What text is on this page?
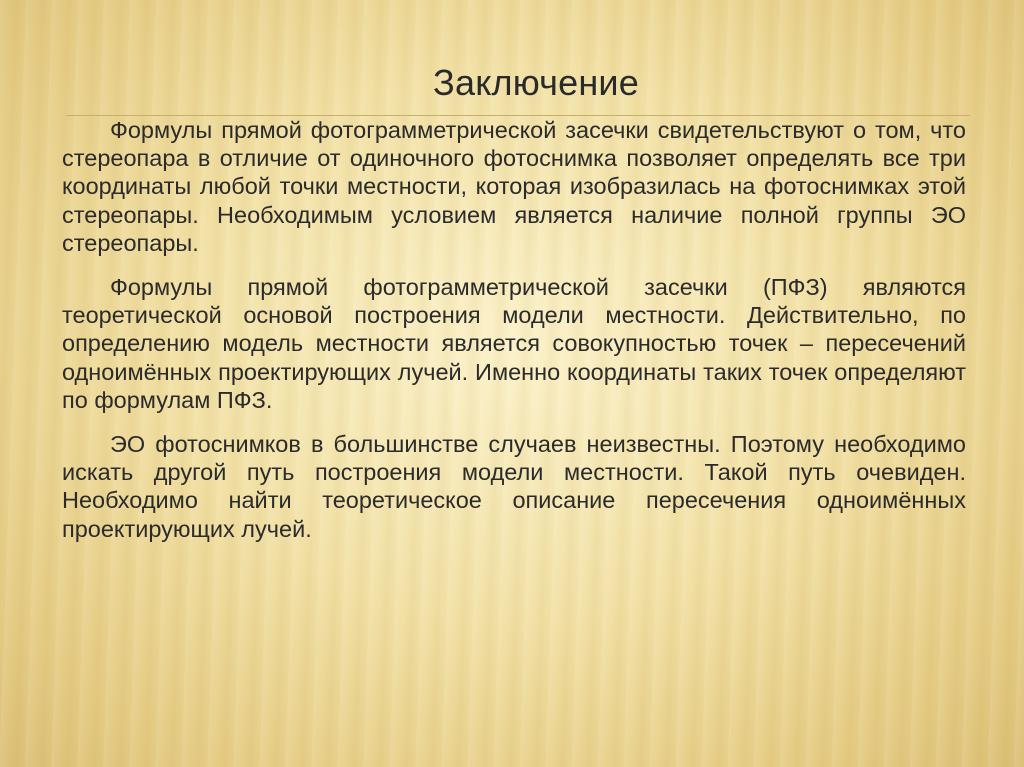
Заключение

Формулы прямой фотограмметрической засечки свидетельствуют о том, что стереопара в отличие от одиночного фотоснимка позволяет определять все три координаты любой точки местности, которая изобразилась на фотоснимках этой стереопары. Необходимым условием является наличие полной группы ЭО стереопары.

Формулы прямой фотограмметрической засечки (ПФЗ) являются теоретической основой построения модели местности. Действительно, по определению модель местности является совокупностью точек – пересечений одноимённых проектирующих лучей. Именно координаты таких точек определяют по формулам ПФЗ.

ЭО фотоснимков в большинстве случаев неизвестны. Поэтому необходимо искать другой путь построения модели местности. Такой путь очевиден. Необходимо найти теоретическое описание пересечения одноимённых проектирующих лучей.
